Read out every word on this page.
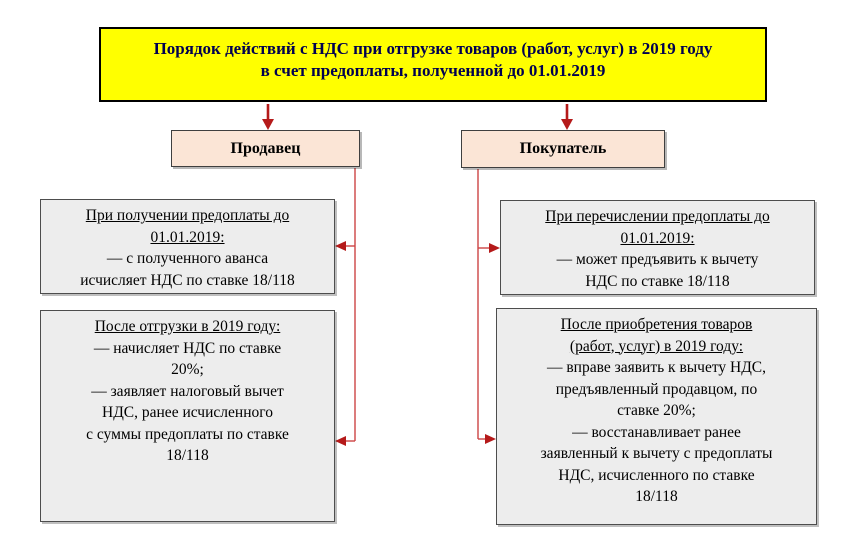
Порядок действий с НДС при отгрузке товаров (работ, услуг) в 2019 году
в счет предоплаты, полученной до 01.01.2019
Продавец	Покупатель
При получении предоплаты до
01.01.2019:
— с полученного аванса
исчисляет НДС по ставке 18/118
После отгрузки в 2019 году:
— начисляет НДС по ставке
20%;
— заявляет налоговый вычет
НДС, ранее исчисленного
с суммы предоплаты по ставке
18/118
При перечислении предоплаты до
01.01.2019:
— может предъявить к вычету
НДС по ставке 18/118
После приобретения товаров
(работ, услуг) в 2019 году:
— вправе заявить к вычету НДС,
предъявленный продавцом, по
ставке 20%;
— восстанавливает ранее
заявленный к вычету с предоплаты
НДС, исчисленного по ставке
18/118
